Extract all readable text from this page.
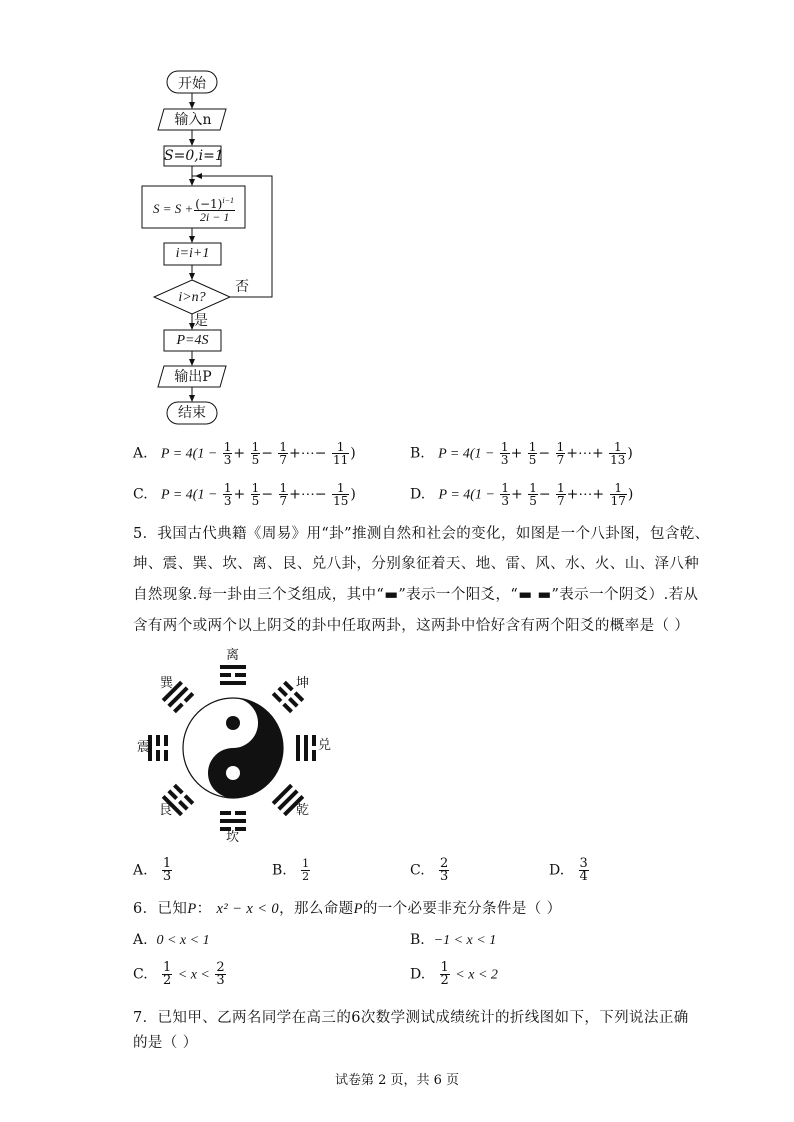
开始
输入n
S=0,i=1
$S = S + \frac{(-1)^{i-1}}{2i - 1}$
i=i+1
i>n?
否
是
P=4S
输出P
结束
A. $P = 4(1 - \frac{1}{3} + \frac{1}{5} - \frac{1}{7}$ +⋯− $\frac{1}{11}$ )	B. $P = 4(1 - \frac{1}{3} + \frac{1}{5} - \frac{1}{7}$ +⋯+ $\frac{1}{13}$ )
C. $P = 4(1 - \frac{1}{3} + \frac{1}{5} - \frac{1}{7}$ +⋯− $\frac{1}{15}$ )	D. $P = 4(1 - \frac{1}{3} + \frac{1}{5} - \frac{1}{7}$ +⋯+ $\frac{1}{17}$ )
5．我国古代典籍《周易》用“卦”推测自然和社会的变化，如图是一个八卦图，包含乾、
坤、震、巽、坎、离、艮、兑八卦，分别象征着天、地、雷、风、水、火、山、泽八种
自然现象.每一卦由三个爻组成，其中“▬”表示一个阳爻，“▬ ▬”表示一个阴爻）.若从
含有两个或两个以上阴爻的卦中任取两卦，这两卦中恰好含有两个阳爻的概率是（ ）
离
坤
兑
乾
坎
艮
震
巽
A. $\frac{1}{3}$	B. $\frac{1}{2}$	C. $\frac{2}{3}$	D. $\frac{3}{4}$
6．已知P： x² − x < 0，那么命题P的一个必要非充分条件是（ ）
A. 0 < x < 1	B. −1 < x < 1
C. $\frac{1}{2} < x < \frac{2}{3}$	D. $\frac{1}{2} < x < 2$
7．已知甲、乙两名同学在高三的6次数学测试成绩统计的折线图如下，下列说法正确
的是（ ）
试卷第 2 页，共 6 页
